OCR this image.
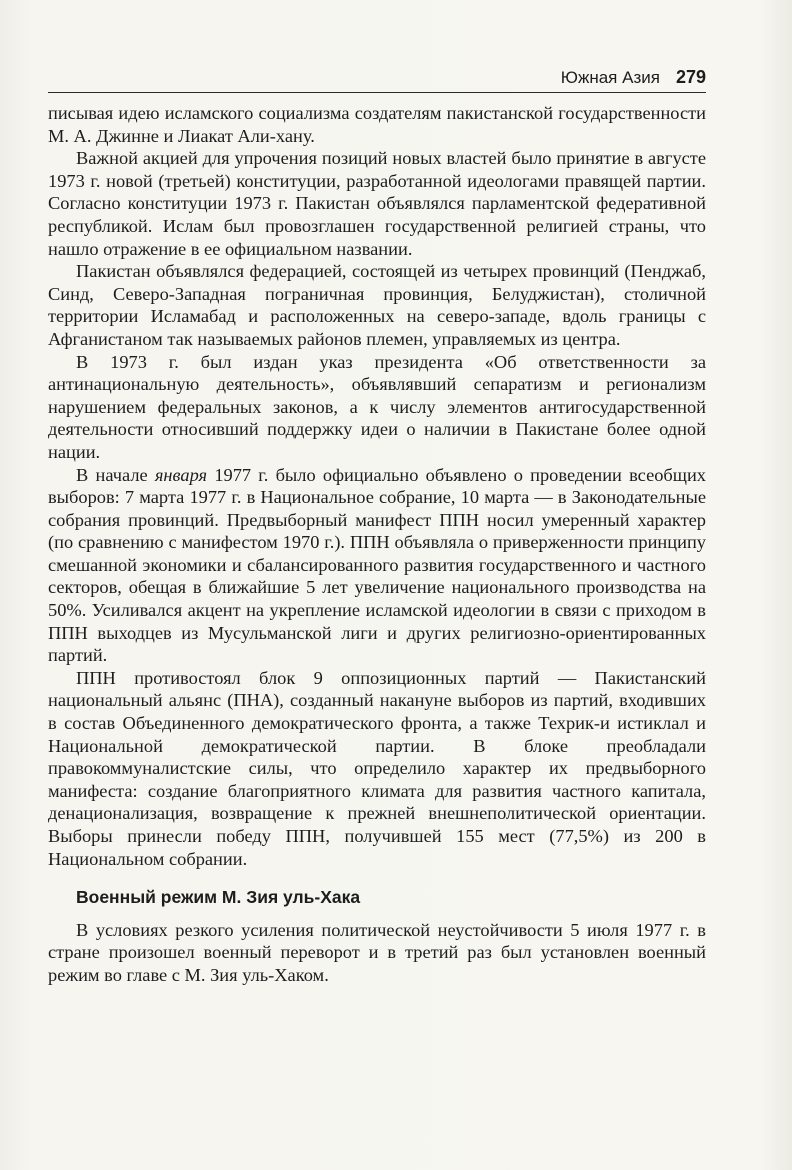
Южная Азия 279

писывая идею исламского социализма создателям пакистанской государственности М. А. Джинне и Лиакат Али-хану.

Важной акцией для упрочения позиций новых властей было принятие в августе 1973 г. новой (третьей) конституции, разработанной идеологами правящей партии. Согласно конституции 1973 г. Пакистан объявлялся парламентской федеративной республикой. Ислам был провозглашен государственной религией страны, что нашло отражение в ее официальном названии.

Пакистан объявлялся федерацией, состоящей из четырех провинций (Пенджаб, Синд, Северо-Западная пограничная провинция, Белуджистан), столичной территории Исламабад и расположенных на северо-западе, вдоль границы с Афганистаном так называемых районов племен, управляемых из центра.

В 1973 г. был издан указ президента «Об ответственности за антинациональную деятельность», объявлявший сепаратизм и регионализм нарушением федеральных законов, а к числу элементов антигосударственной деятельности относивший поддержку идеи о наличии в Пакистане более одной нации.

В начале января 1977 г. было официально объявлено о проведении всеобщих выборов: 7 марта 1977 г. в Национальное собрание, 10 марта — в Законодательные собрания провинций. Предвыборный манифест ППН носил умеренный характер (по сравнению с манифестом 1970 г.). ППН объявляла о приверженности принципу смешанной экономики и сбалансированного развития государственного и частного секторов, обещая в ближайшие 5 лет увеличение национального производства на 50%. Усиливался акцент на укрепление исламской идеологии в связи с приходом в ППН выходцев из Мусульманской лиги и других религиозно-ориентированных партий.

ППН противостоял блок 9 оппозиционных партий — Пакистанский национальный альянс (ПНА), созданный накануне выборов из партий, входивших в состав Объединенного демократического фронта, а также Техрик-и истиклал и Национальной демократической партии. В блоке преобладали правокоммуналистские силы, что определило характер их предвыборного манифеста: создание благоприятного климата для развития частного капитала, денационализация, возвращение к прежней внешнеполитической ориентации. Выборы принесли победу ППН, получившей 155 мест (77,5%) из 200 в Национальном собрании.

Военный режим М. Зия уль-Хака

В условиях резкого усиления политической неустойчивости 5 июля 1977 г. в стране произошел военный переворот и в третий раз был установлен военный режим во главе с М. Зия уль-Хаком.
